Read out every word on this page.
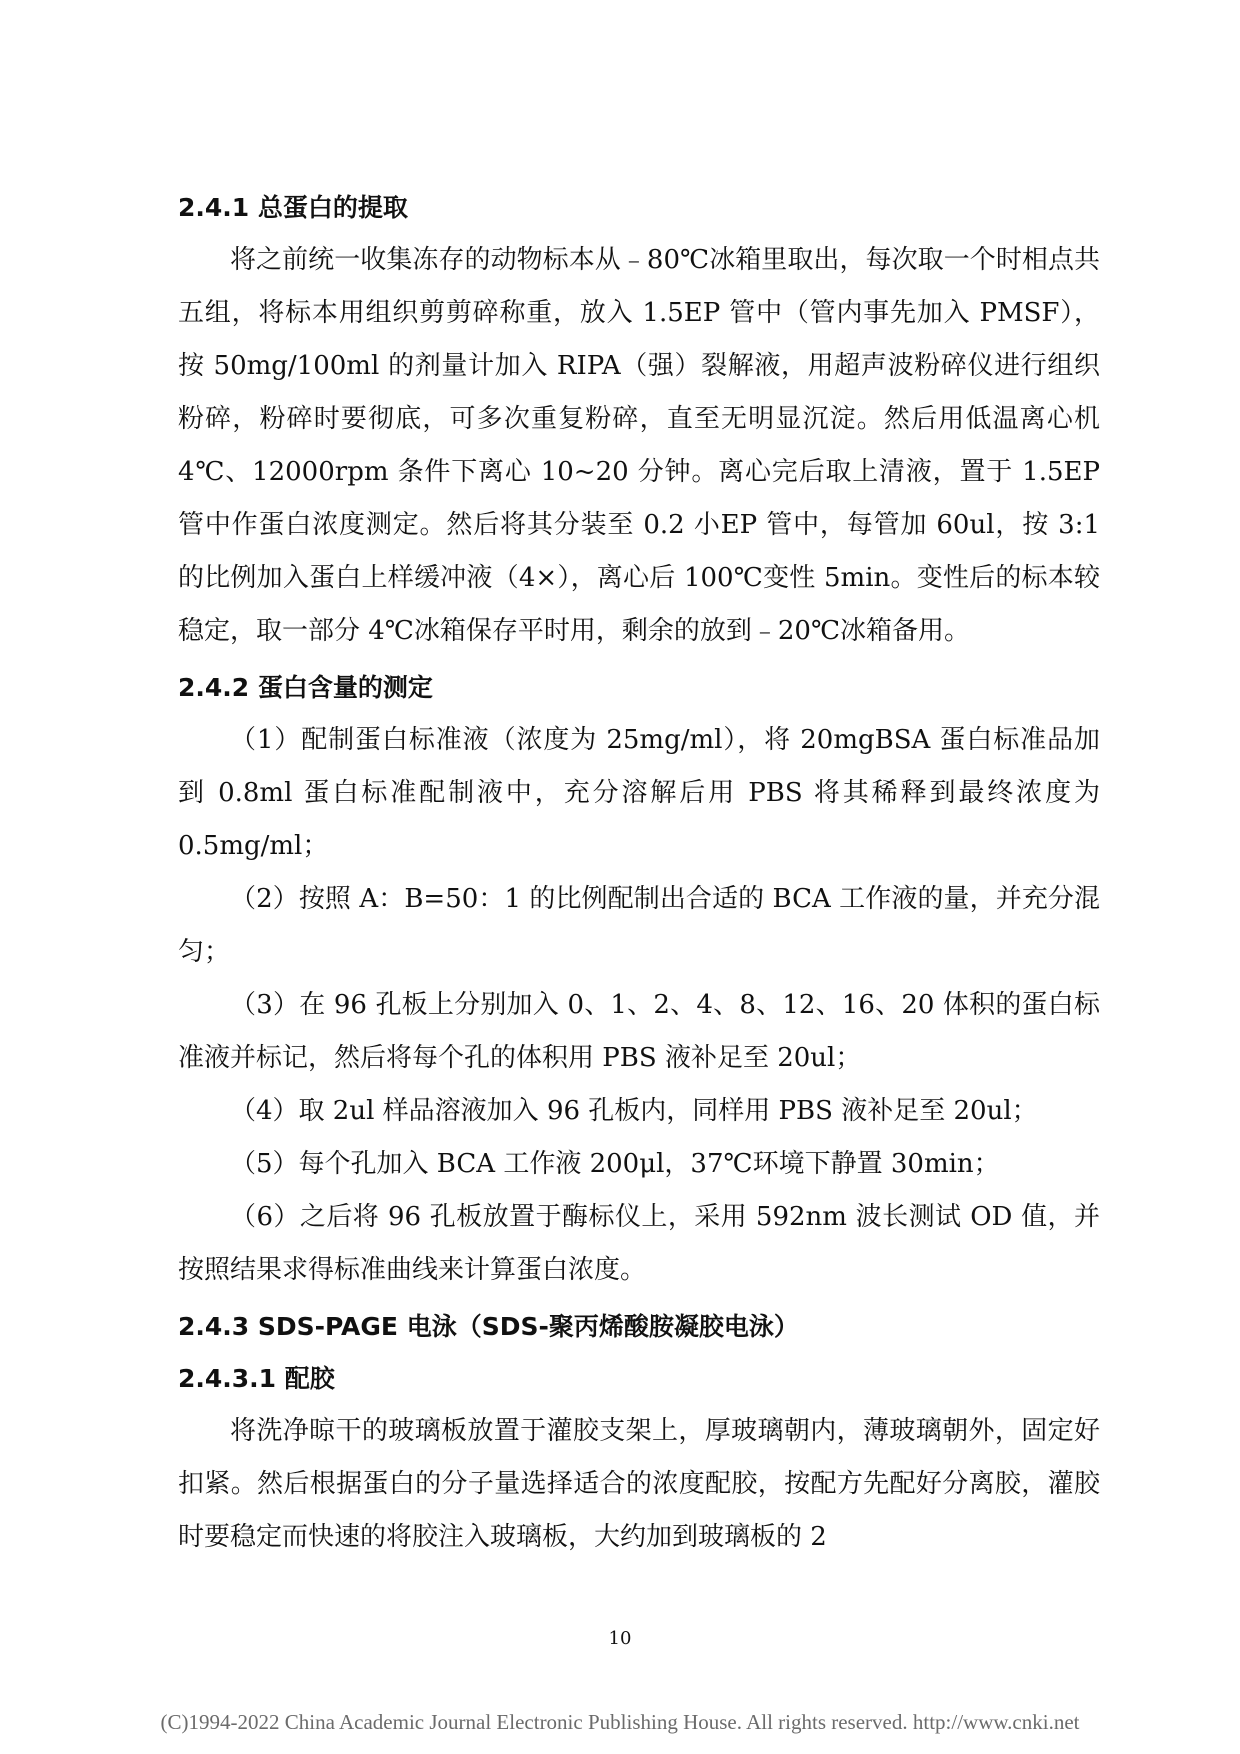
2.4.1 总蛋白的提取

将之前统一收集冻存的动物标本从﹣80℃冰箱里取出，每次取一个时相点共五组，将标本用组织剪剪碎称重，放入 1.5EP 管中（管内事先加入 PMSF），按 50mg/100ml 的剂量计加入 RIPA（强）裂解液，用超声波粉碎仪进行组织粉碎，粉碎时要彻底，可多次重复粉碎，直至无明显沉淀。然后用低温离心机 4℃、12000rpm 条件下离心 10~20 分钟。离心完后取上清液，置于 1.5EP 管中作蛋白浓度测定。然后将其分装至 0.2 小EP 管中，每管加 60ul，按 3:1 的比例加入蛋白上样缓冲液（4×），离心后 100℃变性 5min。变性后的标本较稳定，取一部分 4℃冰箱保存平时用，剩余的放到﹣20℃冰箱备用。

2.4.2 蛋白含量的测定

（1）配制蛋白标准液（浓度为 25mg/ml），将 20mgBSA 蛋白标准品加到 0.8ml 蛋白标准配制液中，充分溶解后用 PBS 将其稀释到最终浓度为 0.5mg/ml；

（2）按照 A：B=50：1 的比例配制出合适的 BCA 工作液的量，并充分混匀；

（3）在 96 孔板上分别加入 0、1、2、4、8、12、16、20 体积的蛋白标准液并标记，然后将每个孔的体积用 PBS 液补足至 20ul；

（4）取 2ul 样品溶液加入 96 孔板内，同样用 PBS 液补足至 20ul；

（5）每个孔加入 BCA 工作液 200μl，37℃环境下静置 30min；

（6）之后将 96 孔板放置于酶标仪上，采用 592nm 波长测试 OD 值，并按照结果求得标准曲线来计算蛋白浓度。

2.4.3 SDS-PAGE 电泳（SDS-聚丙烯酸胺凝胶电泳）
2.4.3.1 配胶

将洗净晾干的玻璃板放置于灌胶支架上，厚玻璃朝内，薄玻璃朝外，固定好扣紧。然后根据蛋白的分子量选择适合的浓度配胶，按配方先配好分离胶，灌胶时要稳定而快速的将胶注入玻璃板，大约加到玻璃板的 2

10
(C)1994-2022 China Academic Journal Electronic Publishing House. All rights reserved. http://www.cnki.net
